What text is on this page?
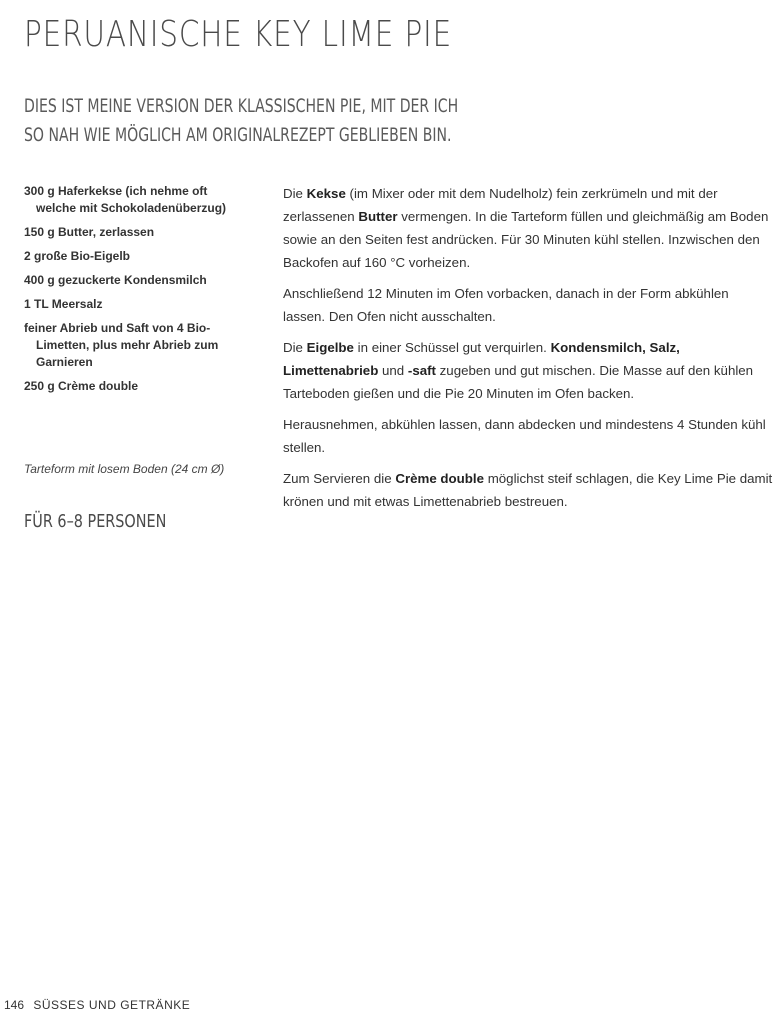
PERUANISCHE KEY LIME PIE
DIES IST MEINE VERSION DER KLASSISCHEN PIE, MIT DER ICH
SO NAH WIE MÖGLICH AM ORIGINALREZEPT GEBLIEBEN BIN.
300 g Haferkekse (ich nehme oft welche mit Schokoladenüberzug)
150 g Butter, zerlassen
2 große Bio-Eigelb
400 g gezuckerte Kondensmilch
1 TL Meersalz
feiner Abrieb und Saft von 4 Bio-Limetten, plus mehr Abrieb zum Garnieren
250 g Crème double

Tarteform mit losem Boden (24 cm Ø)

FÜR 6–8 PERSONEN

Die Kekse (im Mixer oder mit dem Nudelholz) fein zerkrümeln und mit der zerlassenen Butter vermengen. In die Tarteform füllen und gleichmäßig am Boden sowie an den Seiten fest andrücken. Für 30 Minuten kühl stellen. Inzwischen den Backofen auf 160 °C vorheizen.

Anschließend 12 Minuten im Ofen vorbacken, danach in der Form abkühlen lassen. Den Ofen nicht ausschalten.

Die Eigelbe in einer Schüssel gut verquirlen. Kondensmilch, Salz, Limettenabrieb und -saft zugeben und gut mischen. Die Masse auf den kühlen Tarteboden gießen und die Pie 20 Minuten im Ofen backen.

Herausnehmen, abkühlen lassen, dann abdecken und mindestens 4 Stunden kühl stellen.

Zum Servieren die Crème double möglichst steif schlagen, die Key Lime Pie damit krönen und mit etwas Limettenabrieb bestreuen.

146 SÜSSES UND GETRÄNKE
